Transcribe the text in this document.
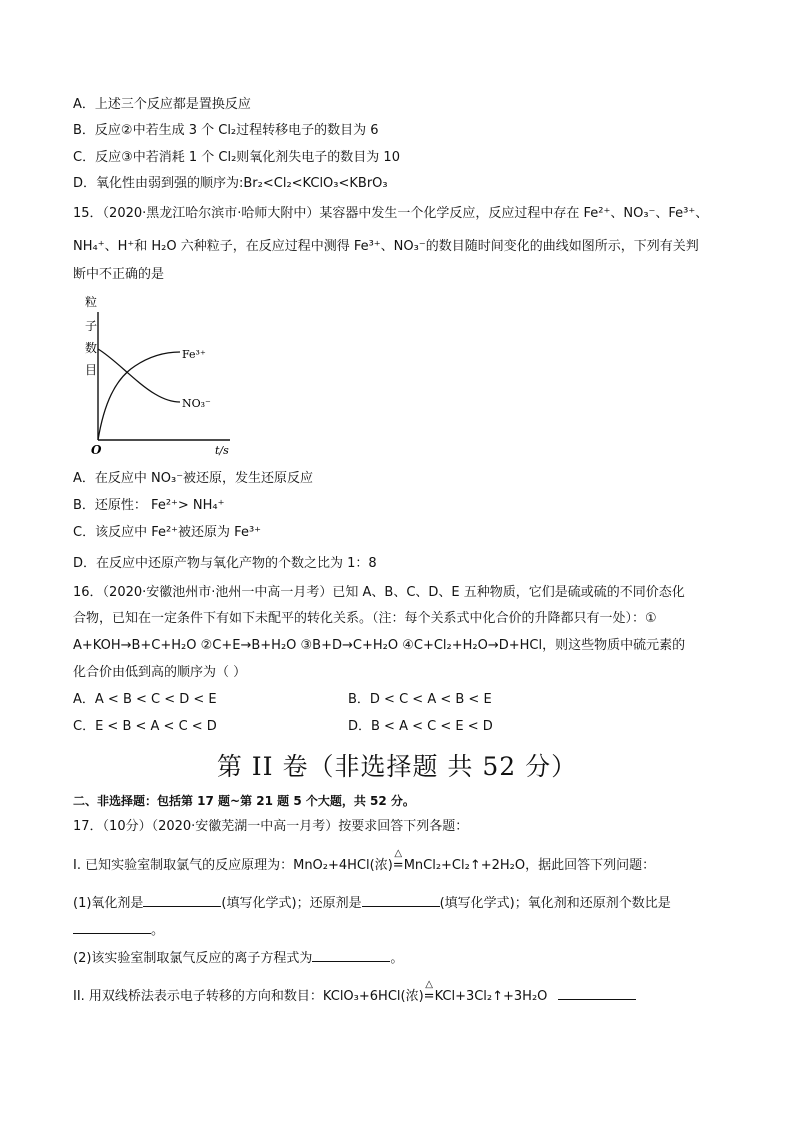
A．上述三个反应都是置换反应
B．反应②中若生成 3 个 Cl₂过程转移电子的数目为 6
C．反应③中若消耗 1 个 Cl₂则氧化剂失电子的数目为 10
D．氧化性由弱到强的顺序为:Br₂<Cl₂<KClO₃<KBrO₃
15．（2020·黑龙江哈尔滨市·哈师大附中）某容器中发生一个化学反应，反应过程中存在 Fe²⁺、NO₃⁻、Fe³⁺、
NH₄⁺、H⁺和 H₂O 六种粒子，在反应过程中测得 Fe³⁺、NO₃⁻的数目随时间变化的曲线如图所示，下列有关判
断中不正确的是
粒
子
数
目
Fe³⁺
NO₃⁻
O	t/s
A．在反应中 NO₃⁻被还原，发生还原反应
B．还原性： Fe²⁺> NH₄⁺
C．该反应中 Fe²⁺被还原为 Fe³⁺
D．在反应中还原产物与氧化产物的个数之比为 1：8
16．（2020·安徽池州市·池州一中高一月考）已知 A、B、C、D、E 五种物质，它们是硫或硫的不同价态化
合物，已知在一定条件下有如下未配平的转化关系。（注：每个关系式中化合价的升降都只有一处）：①
A+KOH→B+C+H₂O ②C+E→B+H₂O ③B+D→C+H₂O ④C+Cl₂+H₂O→D+HCl，则这些物质中硫元素的
化合价由低到高的顺序为（ ）
A．A < B < C < D < E	B．D < C < A < B < E
C．E < B < A < C < D	D．B < A < C < E < D
第 II 卷（非选择题 共 52 分）
二、非选择题：包括第 17 题~第 21 题 5 个大题，共 52 分。
17．（10分）（2020·安徽芜湖一中高一月考）按要求回答下列各题：
I. 已知实验室制取氯气的反应原理为：MnO₂+4HCl(浓)
△
=MnCl₂+Cl₂↑+2H₂O，据此回答下列问题：
(1)氧化剂是	(填写化学式)；还原剂是	(填写化学式)；氧化剂和还原剂个数比是
。
(2)该实验室制取氯气反应的离子方程式为	。
II. 用双线桥法表示电子转移的方向和数目：KClO₃+6HCl(浓)
△
=KCl+3Cl₂↑+3H₂O
